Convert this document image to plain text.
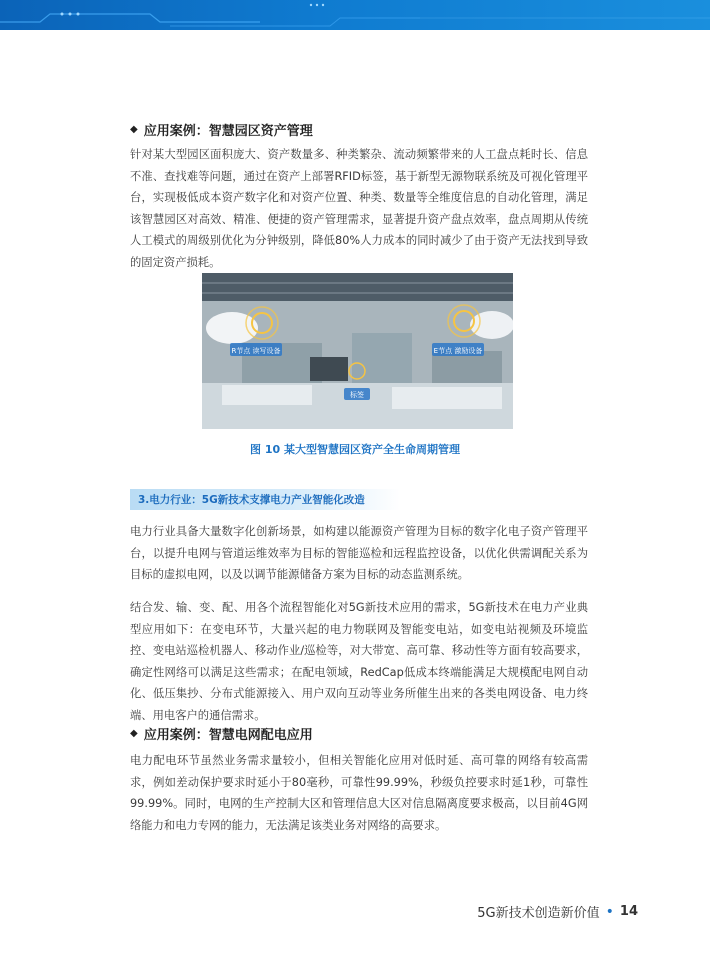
◆ 应用案例：智慧园区资产管理

针对某大型园区面积庞大、资产数量多、种类繁杂、流动频繁带来的人工盘点耗时长、信息不准、查找难等问题，通过在资产上部署RFID标签，基于新型无源物联系统及可视化管理平台，实现极低成本资产数字化和对资产位置、种类、数量等全维度信息的自动化管理，满足该智慧园区对高效、精准、便捷的资产管理需求，显著提升资产盘点效率，盘点周期从传统人工模式的周级别优化为分钟级别，降低80%人力成本的同时减少了由于资产无法找到导致的固定资产损耗。

R节点 读写设备	E节点 激励设备
标签
图 10 某大型智慧园区资产全生命周期管理
3.电力行业：5G新技术支撑电力产业智能化改造

电力行业具备大量数字化创新场景，如构建以能源资产管理为目标的数字化电子资产管理平台，以提升电网与管道运维效率为目标的智能巡检和远程监控设备，以优化供需调配关系为目标的虚拟电网，以及以调节能源储备方案为目标的动态监测系统。

结合发、输、变、配、用各个流程智能化对5G新技术应用的需求，5G新技术在电力产业典型应用如下：在变电环节，大量兴起的电力物联网及智能变电站，如变电站视频及环境监控、变电站巡检机器人、移动作业/巡检等，对大带宽、高可靠、移动性等方面有较高要求，确定性网络可以满足这些需求；在配电领域，RedCap低成本终端能满足大规模配电网自动化、低压集抄、分布式能源接入、用户双向互动等业务所催生出来的各类电网设备、电力终端、用电客户的通信需求。

◆ 应用案例：智慧电网配电应用

电力配电环节虽然业务需求量较小，但相关智能化应用对低时延、高可靠的网络有较高需求，例如差动保护要求时延小于80毫秒，可靠性99.99%，秒级负控要求时延1秒，可靠性99.99%。同时，电网的生产控制大区和管理信息大区对信息隔离度要求极高，以目前4G网络能力和电力专网的能力，无法满足该类业务对网络的高要求。

5G新技术创造新价值 • 14
